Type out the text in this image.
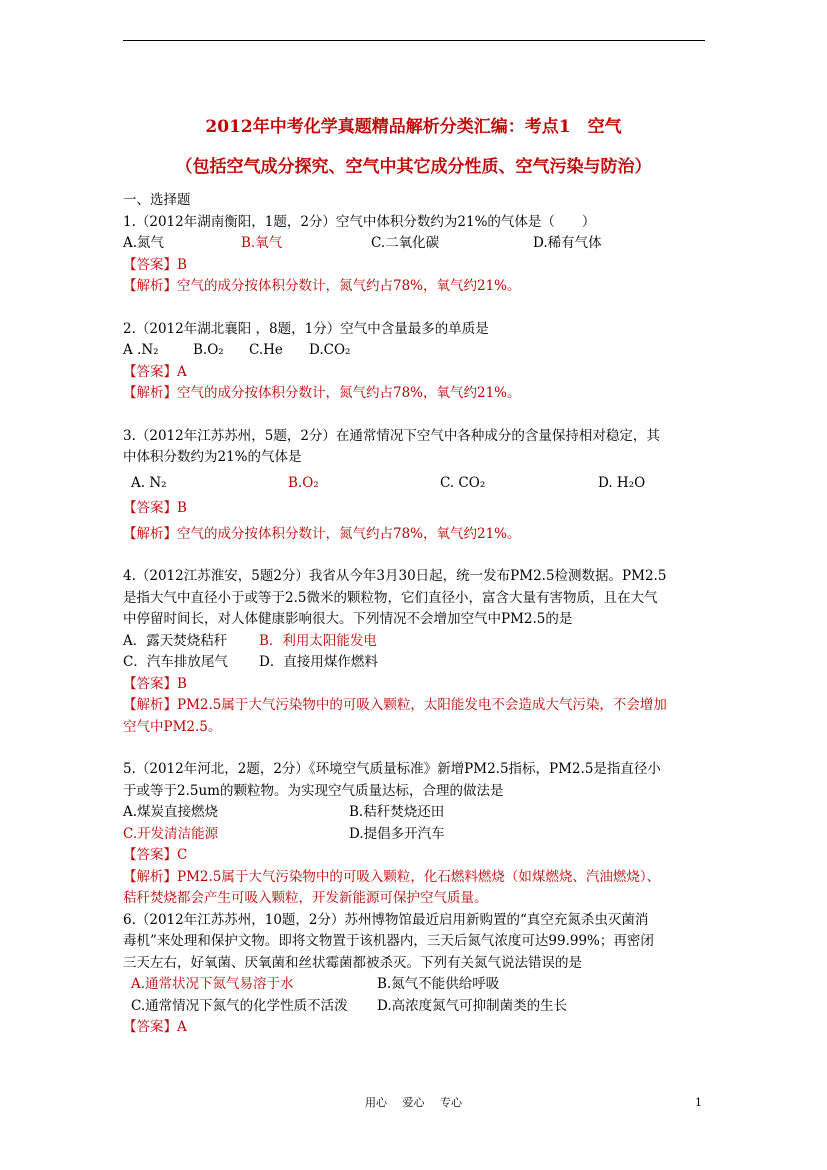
2012年中考化学真题精品解析分类汇编：考点1　空气
（包括空气成分探究、空气中其它成分性质、空气污染与防治）
一、选择题
1.（2012年湖南衡阳，1题，2分）空气中体积分数约为21%的气体是（　　）
A.氮气	B.氧气	C.二氧化碳	D.稀有气体
【答案】B
【解析】空气的成分按体积分数计，氮气约占78%，氧气约21%。
2.（2012年湖北襄阳 ，8题，1分）空气中含量最多的单质是
A .N₂	B.O₂	C.He	D.CO₂
【答案】A
【解析】空气的成分按体积分数计，氮气约占78%，氧气约21%。
3.（2012年江苏苏州，5题，2分）在通常情况下空气中各种成分的含量保持相对稳定，其
中体积分数约为21%的气体是
A. N₂	B.O₂	C. CO₂	D. H₂O
【答案】B
【解析】空气的成分按体积分数计，氮气约占78%，氧气约21%。
4.（2012江苏淮安，5题2分）我省从今年3月30日起，统一发布PM2.5检测数据。PM2.5
是指大气中直径小于或等于2.5微米的颗粒物，它们直径小，富含大量有害物质，且在大气
中停留时间长，对人体健康影响很大。下列情况不会增加空气中PM2.5的是
A．露天焚烧秸秆	B．利用太阳能发电
C．汽车排放尾气	D．直接用煤作燃料
【答案】B
【解析】PM2.5属于大气污染物中的可吸入颗粒，太阳能发电不会造成大气污染，不会增加
空气中PM2.5。
5.（2012年河北，2题，2分）《环境空气质量标准》新增PM2.5指标，PM2.5是指直径小
于或等于2.5um的颗粒物。为实现空气质量达标，合理的做法是
A.煤炭直接燃烧	B.秸秆焚烧还田
C.开发清洁能源	D.提倡多开汽车
【答案】C
【解析】PM2.5属于大气污染物中的可吸入颗粒，化石燃料燃烧（如煤燃烧、汽油燃烧）、
秸秆焚烧都会产生可吸入颗粒，开发新能源可保护空气质量。
6.（2012年江苏苏州，10题，2分）苏州博物馆最近启用新购置的“真空充氮杀虫灭菌消
毒机”来处理和保护文物。即将文物置于该机器内，三天后氮气浓度可达99.99%；再密闭
三天左右，好氧菌、厌氧菌和丝状霉菌都被杀灭。下列有关氮气说法错误的是
A.通常状况下氮气易溶于水	B.氮气不能供给呼吸
C.通常情况下氮气的化学性质不活泼	D.高浓度氮气可抑制菌类的生长
【答案】A
用心 爱心 专心	1
